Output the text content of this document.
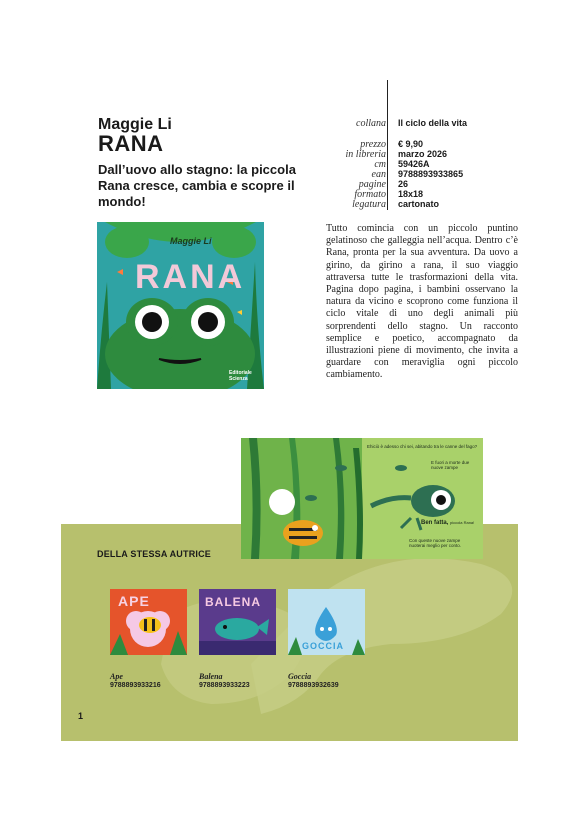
Maggie Li
RANA
Dall’uovo allo stagno: la piccola Rana cresce, cambia e scopre il mondo!
collana	Il ciclo della vita
prezzo	€ 9,90
in libreria	marzo 2026
cm	59426A
ean	9788893933865
pagine	26
formato	18x18
legatura	cartonato
Maggie Li
RANA
Editoriale Scienza
Tutto comincia con un piccolo puntino gelatinoso che galleggia nell’acqua. Dentro c’è Rana, pronta per la sua avventura. Da uovo a girino, da girino a rana, il suo viaggio attraversa tutte le trasformazioni della vita. Pagina dopo pagina, i bambini osservano la natura da vicino e scoprono come funziona il ciclo vitale di uno degli animali più sorprendenti dello stagno. Un racconto semplice e poetico, accompagnato da illustrazioni piene di movimento, che invita a guardare con meraviglia ogni piccolo cambiamento.
DELLA STESSA AUTRICE
APE
Ape
9788893933216
BALENA
Balena
9788893933223
GOCCIA
Goccia
9788893932639
Ehiciò è adesso chi sei, abitando tra le canne del fago?
E fuori a morte due nuove zampe
Ben fatta, piccola Rana!
Con queste nuove zampe nuoterai meglio per conto.
1
